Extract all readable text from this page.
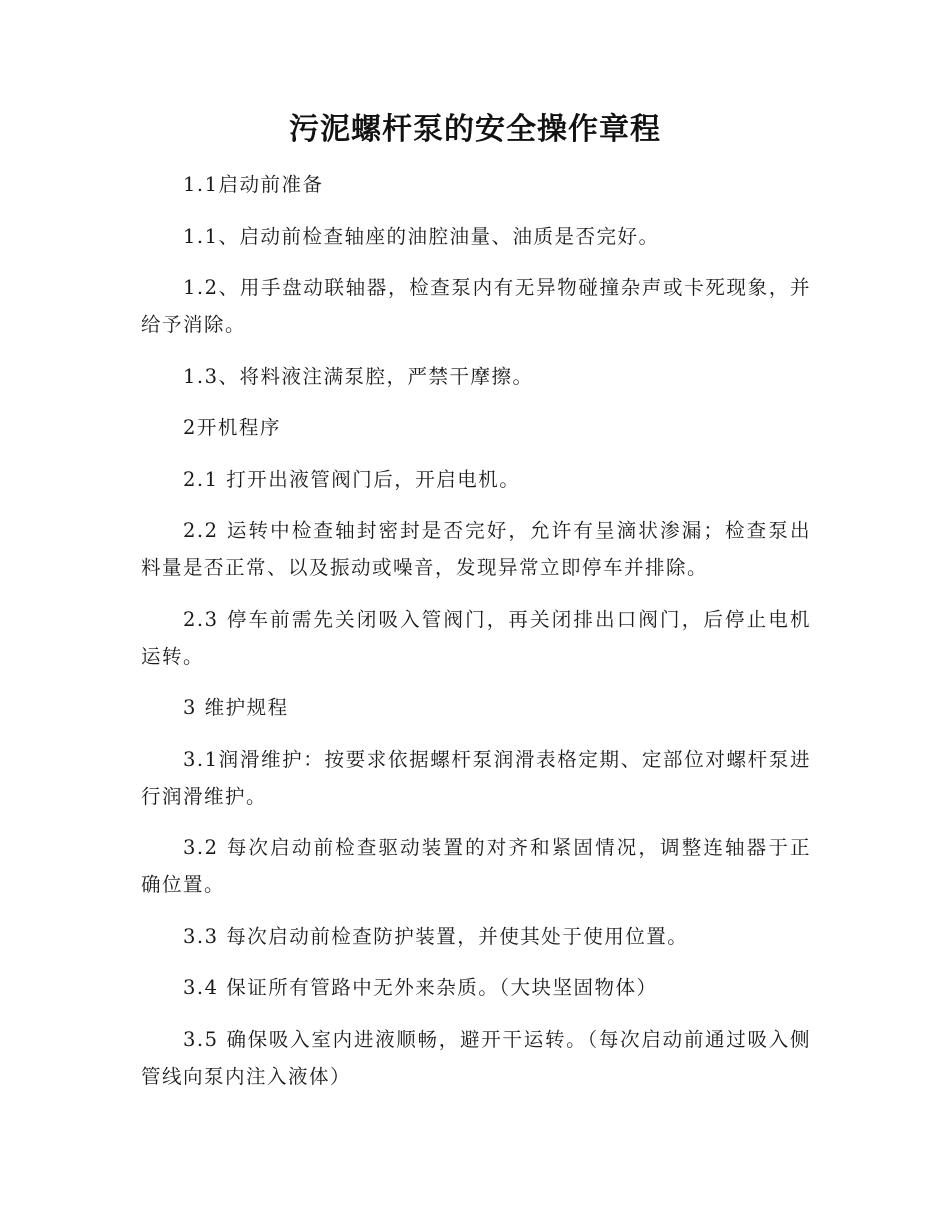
污泥螺杆泵的安全操作章程

1.1启动前准备

1.1、启动前检查轴座的油腔油量、油质是否完好。

1.2、用手盘动联轴器，检查泵内有无异物碰撞杂声或卡死现象，并给予消除。

1.3、将料液注满泵腔，严禁干摩擦。

2开机程序

2.1 打开出液管阀门后，开启电机。

2.2 运转中检查轴封密封是否完好，允许有呈滴状渗漏；检查泵出料量是否正常、以及振动或噪音，发现异常立即停车并排除。

2.3 停车前需先关闭吸入管阀门，再关闭排出口阀门，后停止电机运转。

3 维护规程

3.1润滑维护：按要求依据螺杆泵润滑表格定期、定部位对螺杆泵进行润滑维护。

3.2 每次启动前检查驱动装置的对齐和紧固情况，调整连轴器于正确位置。

3.3 每次启动前检查防护装置，并使其处于使用位置。

3.4 保证所有管路中无外来杂质。（大块坚固物体）

3.5 确保吸入室内进液顺畅，避开干运转。（每次启动前通过吸入侧管线向泵内注入液体）
